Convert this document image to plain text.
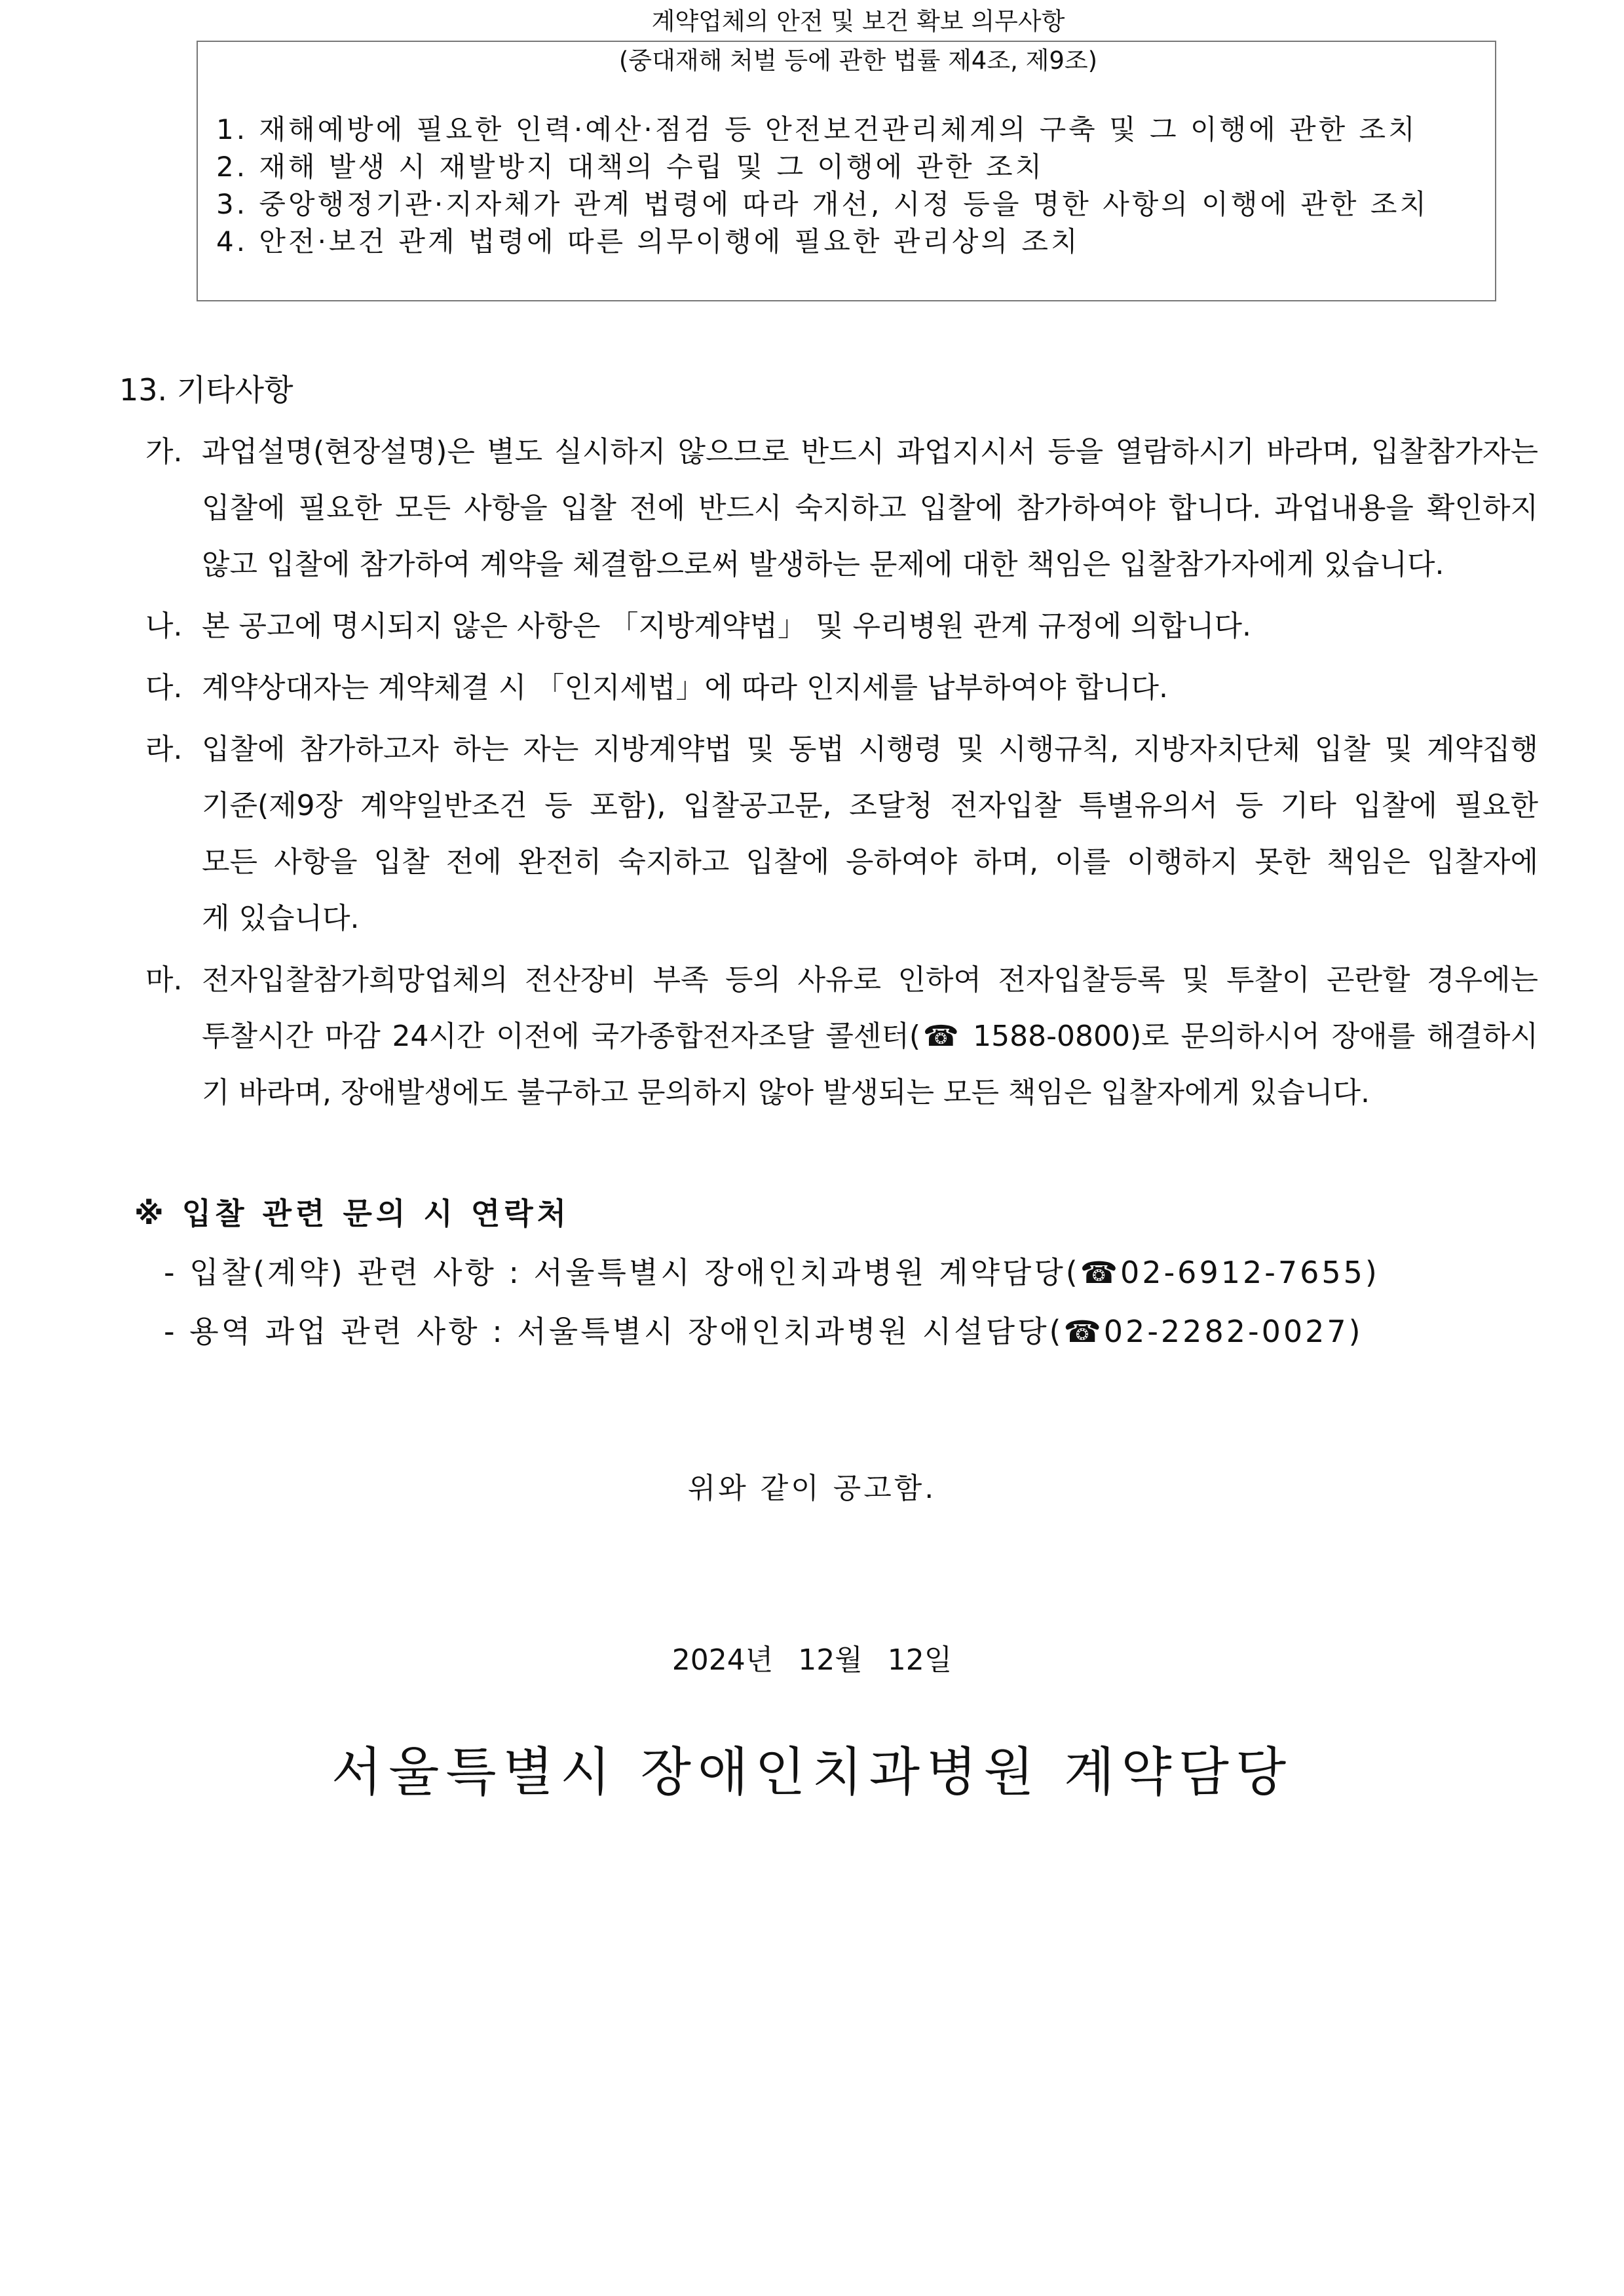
계약업체의 안전 및 보건 확보 의무사항
(중대재해 처벌 등에 관한 법률 제4조, 제9조)
1. 재해예방에 필요한 인력·예산·점검 등 안전보건관리체계의 구축 및 그 이행에 관한 조치
2. 재해 발생 시 재발방지 대책의 수립 및 그 이행에 관한 조치
3. 중앙행정기관·지자체가 관계 법령에 따라 개선, 시정 등을 명한 사항의 이행에 관한 조치
4. 안전·보건 관계 법령에 따른 의무이행에 필요한 관리상의 조치
13. 기타사항
가. 과업설명(현장설명)은 별도 실시하지 않으므로 반드시 과업지시서 등을 열람하시기 바라며, 입찰참가자는
입찰에 필요한 모든 사항을 입찰 전에 반드시 숙지하고 입찰에 참가하여야 합니다. 과업내용을 확인하지
않고 입찰에 참가하여 계약을 체결함으로써 발생하는 문제에 대한 책임은 입찰참가자에게 있습니다.
나. 본 공고에 명시되지 않은 사항은 「지방계약법」 및 우리병원 관계 규정에 의합니다.
다. 계약상대자는 계약체결 시 「인지세법」에 따라 인지세를 납부하여야 합니다.
라. 입찰에 참가하고자 하는 자는 지방계약법 및 동법 시행령 및 시행규칙, 지방자치단체 입찰 및 계약집행
기준(제9장 계약일반조건 등 포함), 입찰공고문, 조달청 전자입찰 특별유의서 등 기타 입찰에 필요한
모든 사항을 입찰 전에 완전히 숙지하고 입찰에 응하여야 하며, 이를 이행하지 못한 책임은 입찰자에
게 있습니다.
마. 전자입찰참가희망업체의 전산장비 부족 등의 사유로 인하여 전자입찰등록 및 투찰이 곤란할 경우에는
투찰시간 마감 24시간 이전에 국가종합전자조달 콜센터(☎ 1588-0800)로 문의하시어 장애를 해결하시
기 바라며, 장애발생에도 불구하고 문의하지 않아 발생되는 모든 책임은 입찰자에게 있습니다.
※ 입찰 관련 문의 시 연락처
- 입찰(계약) 관련 사항 : 서울특별시 장애인치과병원 계약담당(☎02-6912-7655)
- 용역 과업 관련 사항 : 서울특별시 장애인치과병원 시설담당(☎02-2282-0027)
위와 같이 공고함.
2024년 12월 12일
서울특별시 장애인치과병원 계약담당
